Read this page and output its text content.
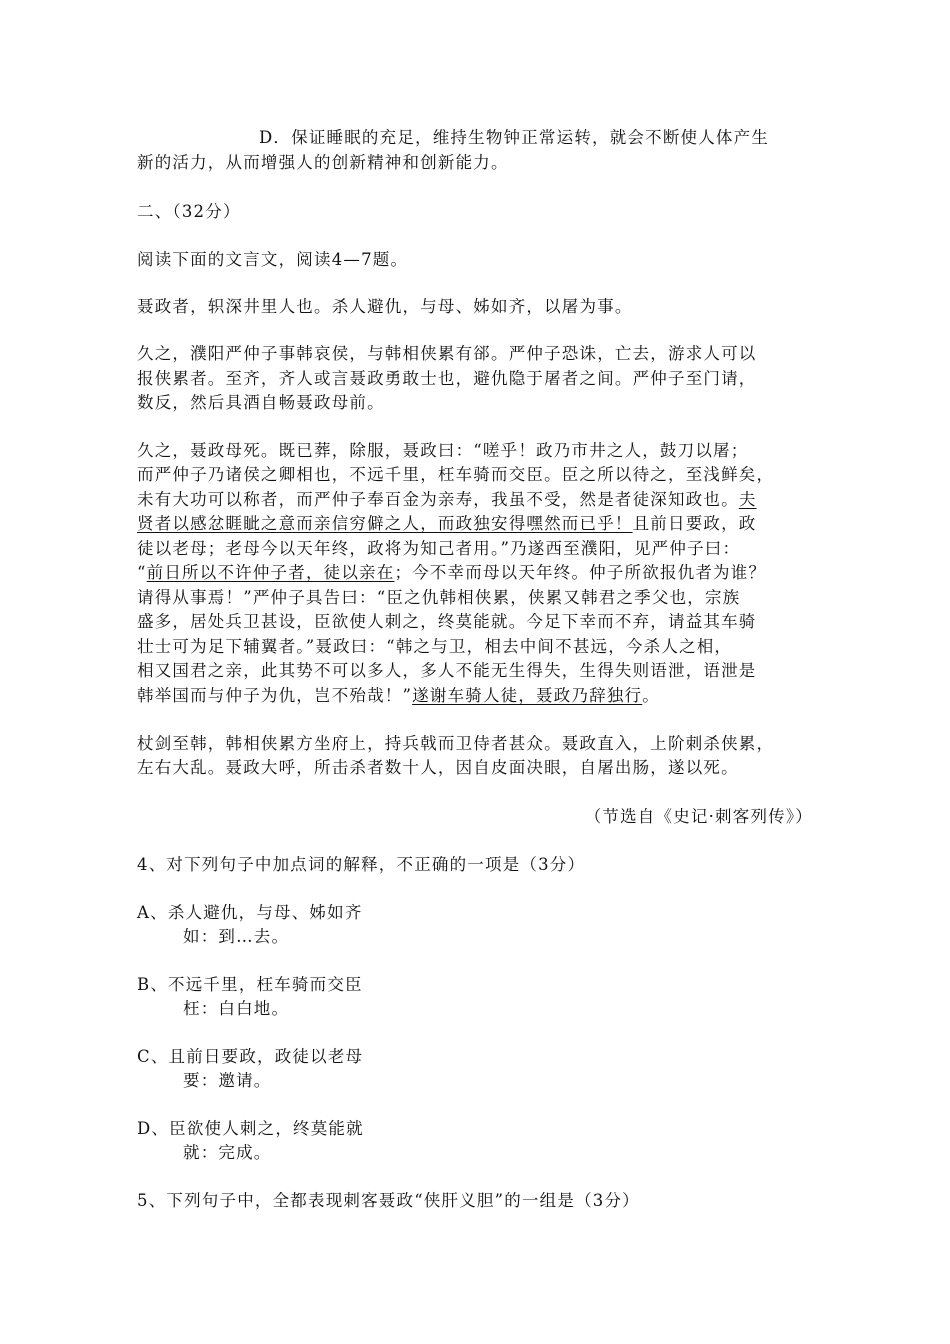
D．保证睡眠的充足，维持生物钟正常运转，就会不断使人体产生
新的活力，从而增强人的创新精神和创新能力。
二、（32分）
阅读下面的文言文，阅读4—7题。
聂政者，轵深井里人也。杀人避仇，与母、姊如齐，以屠为事。
久之，濮阳严仲子事韩哀侯，与韩相侠累有郤。严仲子恐诛，亡去，游求人可以
报侠累者。至齐，齐人或言聂政勇敢士也，避仇隐于屠者之间。严仲子至门请，
数反，然后具酒自畅聂政母前。
久之，聂政母死。既已葬，除服，聂政曰：“嗟乎！政乃市井之人，鼓刀以屠；
而严仲子乃诸侯之卿相也，不远千里，枉车骑而交臣。臣之所以待之，至浅鲜矣，
未有大功可以称者，而严仲子奉百金为亲寿，我虽不受，然是者徒深知政也。夫
贤者以感忿睚眦之意而亲信穷僻之人，而政独安得嘿然而已乎！且前日要政，政
徒以老母；老母今以天年终，政将为知己者用。”乃遂西至濮阳，见严仲子曰：
“前日所以不许仲子者，徒以亲在；今不幸而母以天年终。仲子所欲报仇者为谁？
请得从事焉！”严仲子具告曰：“臣之仇韩相侠累，侠累又韩君之季父也，宗族
盛多，居处兵卫甚设，臣欲使人刺之，终莫能就。今足下幸而不弃，请益其车骑
壮士可为足下辅翼者。”聂政曰：“韩之与卫，相去中间不甚远，今杀人之相，
相又国君之亲，此其势不可以多人，多人不能无生得失，生得失则语泄，语泄是
韩举国而与仲子为仇，岂不殆哉！”遂谢车骑人徒，聂政乃辞独行。
杖剑至韩，韩相侠累方坐府上，持兵戟而卫侍者甚众。聂政直入，上阶刺杀侠累，
左右大乱。聂政大呼，所击杀者数十人，因自皮面决眼，自屠出肠，遂以死。
（节选自《史记·刺客列传》）
4、对下列句子中加点词的解释，不正确的一项是（3分）
A、杀人避仇，与母、姊如齐
如：到…去。
B、不远千里，枉车骑而交臣
枉：白白地。
C、且前日要政，政徒以老母
要：邀请。
D、臣欲使人刺之，终莫能就
就：完成。
5、下列句子中，全都表现刺客聂政“侠肝义胆”的一组是（3分）
